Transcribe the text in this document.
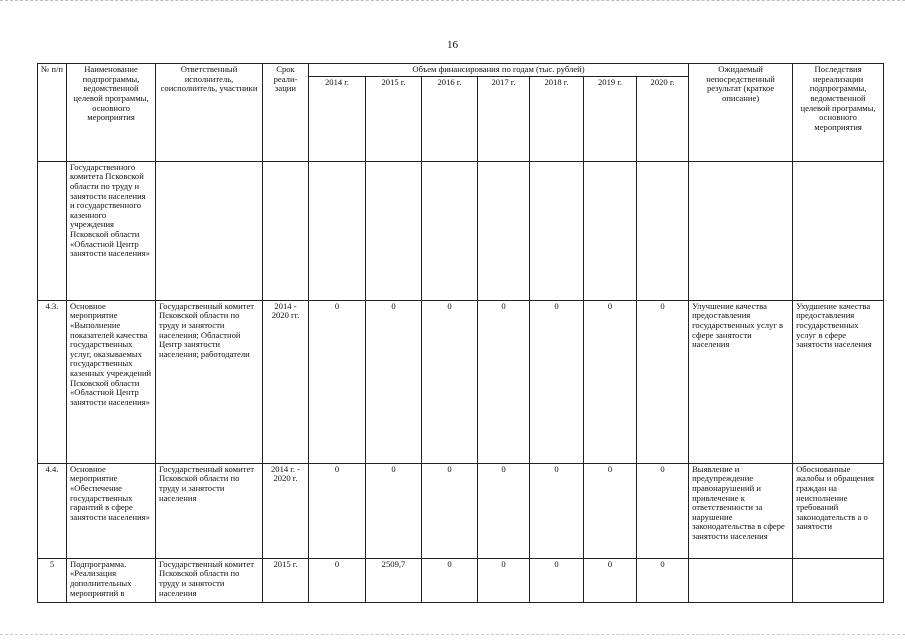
16
№ п/п	Наименование подпрограммы, ведомственной целевой программы, основного мероприятия	Ответственный исполнитель, соисполнитель, участники	Срок реали-зации	Объем финансирования по годам (тыс. рублей)							Ожидаемый непосредственный результат (краткое описание)	Последствия нереализации подпрограммы, ведомственной целевой программы, основного мероприятия
				2014 г.	2015 г.	2016 г.	2017 г.	2018 г.	2019 г.	2020 г.		
	Государственного комитета Псковской области по труду и занятости населения и государственного казенного учреждения Псковской области «Областной Центр занятости населения»											
4.3.	Основное мероприятие «Выполнение показателей качества государственных услуг, оказываемых государственных казенных учреждений Псковской области «Областной Центр занятости населения»	Государственный комитет Псковской области по труду и занятости населения; Областной Центр занятости населения; работодатели	2014 - 2020 гг.	0	0	0	0	0	0	0	Улучшение качества предоставления государственных услуг в сфере занятости населения	Ухудшение качества предоставления государственных услуг в сфере занятости населения
4.4.	Основное мероприятие «Обеспечение государственных гарантий в сфере занятости населения»	Государственный комитет Псковской области по труду и занятости населения	2014 г. - 2020 г.	0	0	0	0	0	0	0	Выявление и предупреждение правонарушений и привлечение к ответственности за нарушение законодательства в сфере занятости населения	Обоснованные жалобы и обращения граждан на неисполнение требований законодательств а о занятости
5	Подпрограмма. «Реализация дополнительных мероприятий в	Государственный комитет Псковской области по труду и занятости населения	2015 г.	0	2509,7	0	0	0	0	0		
